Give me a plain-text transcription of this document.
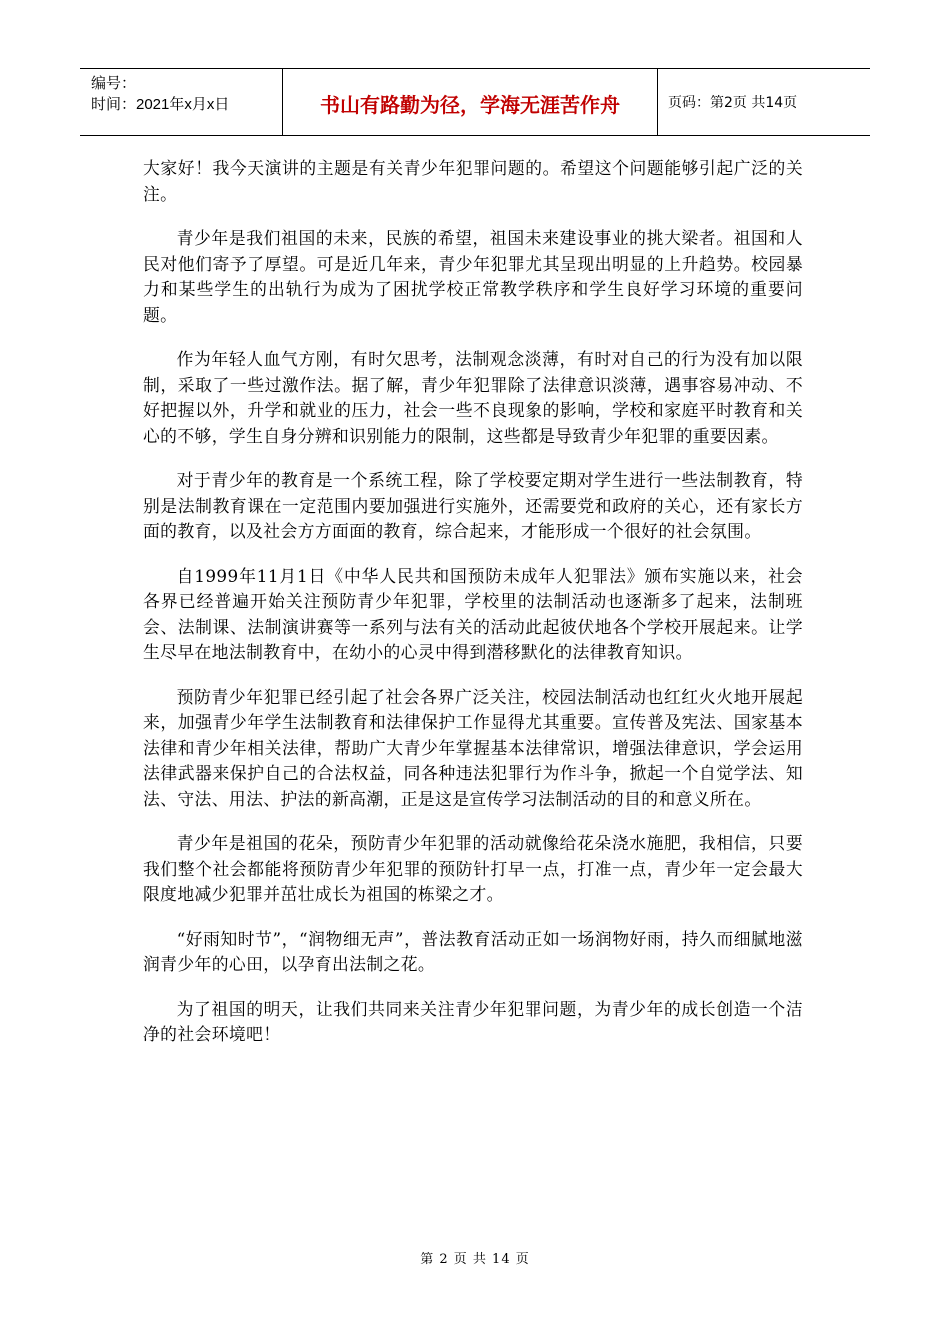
编号：
时间：2021年x月x日	书山有路勤为径，学海无涯苦作舟	页码：第2页 共14页

大家好！我今天演讲的主题是有关青少年犯罪问题的。希望这个问题能够引起广泛的关注。

青少年是我们祖国的未来，民族的希望，祖国未来建设事业的挑大梁者。祖国和人民对他们寄予了厚望。可是近几年来，青少年犯罪尤其呈现出明显的上升趋势。校园暴力和某些学生的出轨行为成为了困扰学校正常教学秩序和学生良好学习环境的重要问题。

作为年轻人血气方刚，有时欠思考，法制观念淡薄，有时对自己的行为没有加以限制，采取了一些过激作法。据了解，青少年犯罪除了法律意识淡薄，遇事容易冲动、不好把握以外，升学和就业的压力，社会一些不良现象的影响，学校和家庭平时教育和关心的不够，学生自身分辨和识别能力的限制，这些都是导致青少年犯罪的重要因素。

对于青少年的教育是一个系统工程，除了学校要定期对学生进行一些法制教育，特别是法制教育课在一定范围内要加强进行实施外，还需要党和政府的关心，还有家长方面的教育，以及社会方方面面的教育，综合起来，才能形成一个很好的社会氛围。

自1999年11月1日《中华人民共和国预防未成年人犯罪法》颁布实施以来，社会各界已经普遍开始关注预防青少年犯罪，学校里的法制活动也逐渐多了起来，法制班会、法制课、法制演讲赛等一系列与法有关的活动此起彼伏地各个学校开展起来。让学生尽早在地法制教育中，在幼小的心灵中得到潜移默化的法律教育知识。

预防青少年犯罪已经引起了社会各界广泛关注，校园法制活动也红红火火地开展起来，加强青少年学生法制教育和法律保护工作显得尤其重要。宣传普及宪法、国家基本法律和青少年相关法律，帮助广大青少年掌握基本法律常识，增强法律意识，学会运用法律武器来保护自己的合法权益，同各种违法犯罪行为作斗争，掀起一个自觉学法、知法、守法、用法、护法的新高潮，正是这是宣传学习法制活动的目的和意义所在。

青少年是祖国的花朵，预防青少年犯罪的活动就像给花朵浇水施肥，我相信，只要我们整个社会都能将预防青少年犯罪的预防针打早一点，打准一点，青少年一定会最大限度地减少犯罪并茁壮成长为祖国的栋梁之才。

“好雨知时节”，“润物细无声”，普法教育活动正如一场润物好雨，持久而细腻地滋润青少年的心田，以孕育出法制之花。

为了祖国的明天，让我们共同来关注青少年犯罪问题，为青少年的成长创造一个洁净的社会环境吧！

第 2 页 共 14 页
